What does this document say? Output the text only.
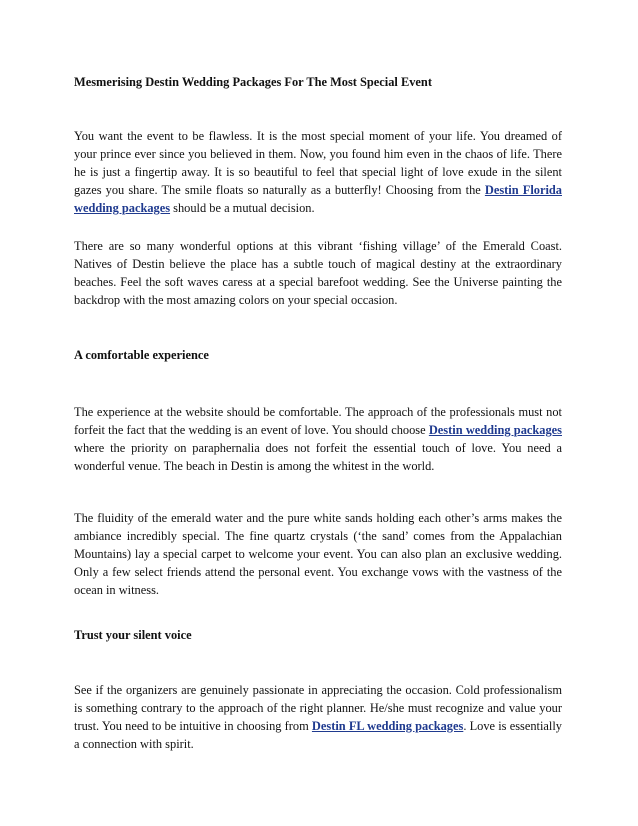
Mesmerising Destin Wedding Packages For The Most Special Event

You want the event to be flawless. It is the most special moment of your life. You dreamed of your prince ever since you believed in them. Now, you found him even in the chaos of life. There he is just a fingertip away. It is so beautiful to feel that special light of love exude in the silent gazes you share. The smile floats so naturally as a butterfly! Choosing from the Destin Florida wedding packages should be a mutual decision.

There are so many wonderful options at this vibrant ‘fishing village’ of the Emerald Coast. Natives of Destin believe the place has a subtle touch of magical destiny at the extraordinary beaches. Feel the soft waves caress at a special barefoot wedding. See the Universe painting the backdrop with the most amazing colors on your special occasion.

A comfortable experience

The experience at the website should be comfortable. The approach of the professionals must not forfeit the fact that the wedding is an event of love. You should choose Destin wedding packages where the priority on paraphernalia does not forfeit the essential touch of love. You need a wonderful venue. The beach in Destin is among the whitest in the world.

The fluidity of the emerald water and the pure white sands holding each other’s arms makes the ambiance incredibly special. The fine quartz crystals (‘the sand’ comes from the Appalachian Mountains) lay a special carpet to welcome your event. You can also plan an exclusive wedding. Only a few select friends attend the personal event. You exchange vows with the vastness of the ocean in witness.

Trust your silent voice

See if the organizers are genuinely passionate in appreciating the occasion. Cold professionalism is something contrary to the approach of the right planner. He/she must recognize and value your trust. You need to be intuitive in choosing from Destin FL wedding packages. Love is essentially a connection with spirit.
